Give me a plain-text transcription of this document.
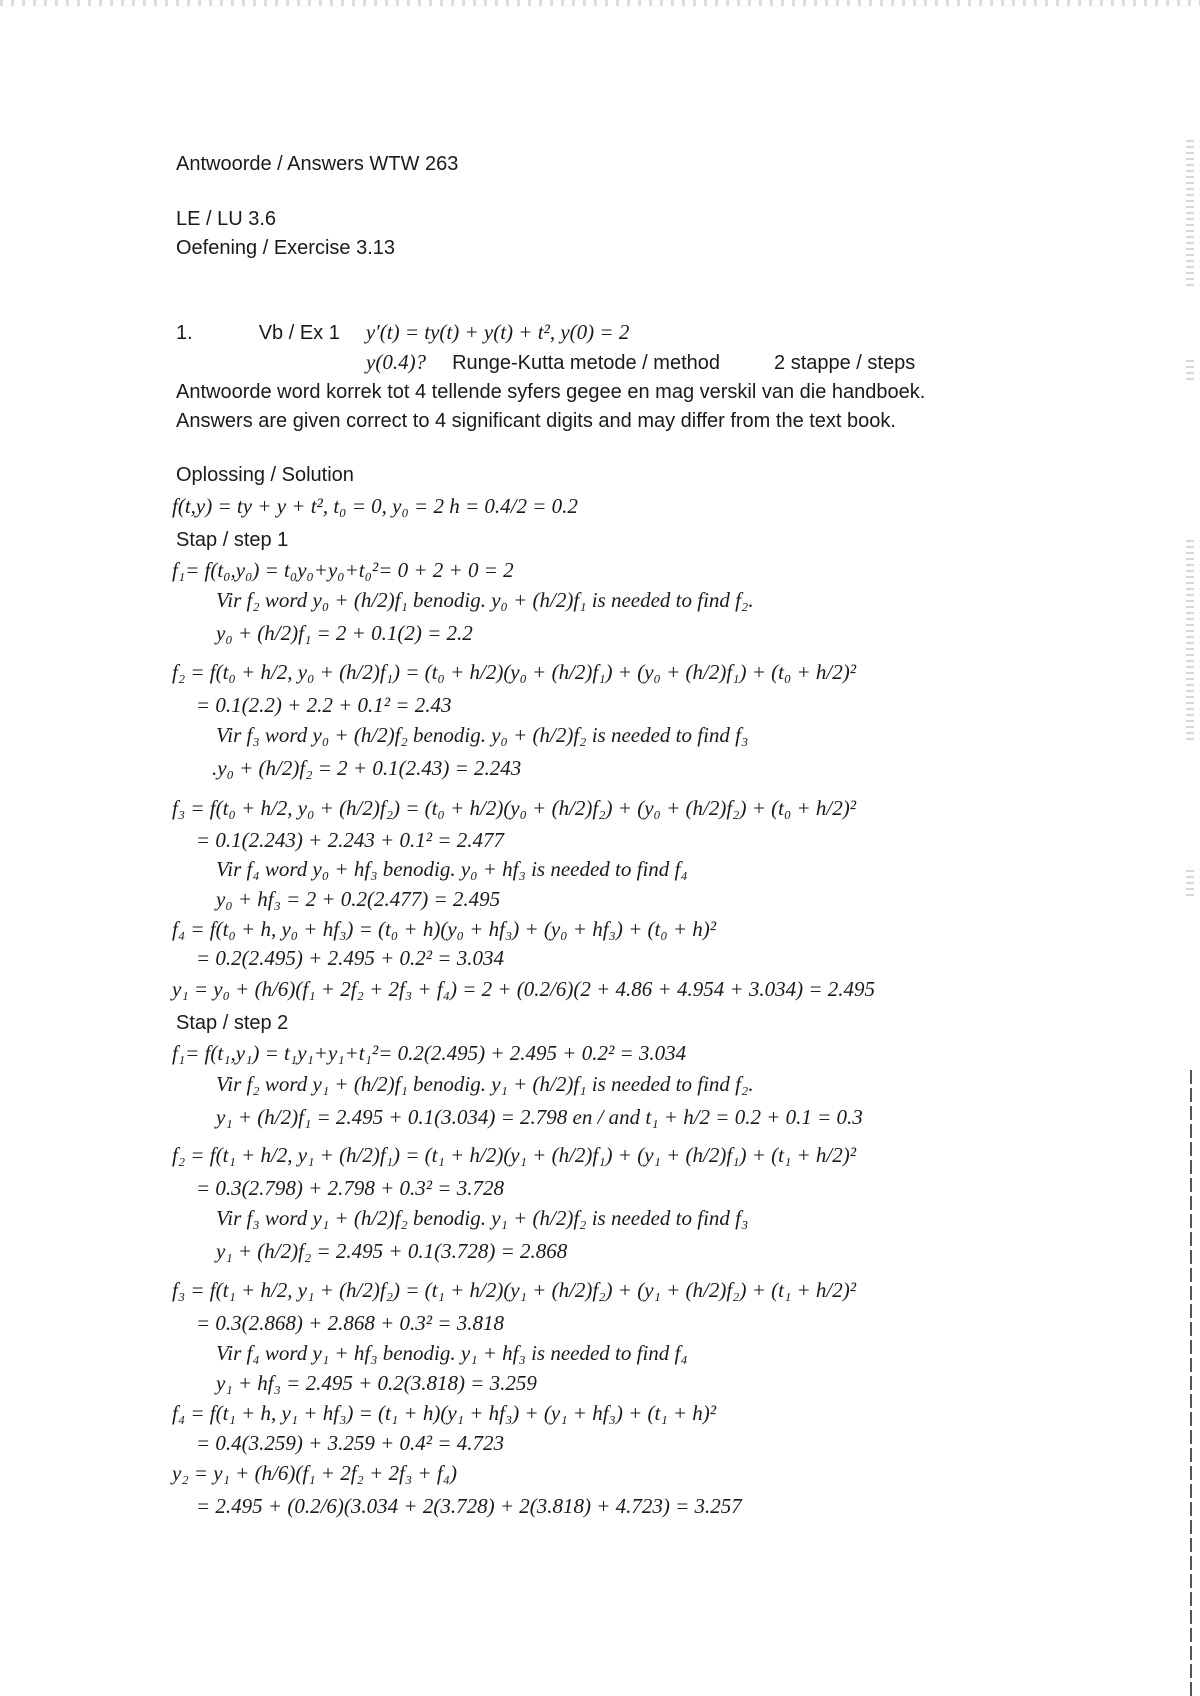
Antwoorde / Answers WTW 263
LE / LU 3.6
Oefening / Exercise 3.13
1.	Vb / Ex 1 y′(t) = ty(t) + y(t) + t², y(0) = 2
y(0.4)? Runge-Kutta metode / method	2 stappe / steps
Antwoorde word korrek tot 4 tellende syfers gegee en mag verskil van die handboek.
Answers are given correct to 4 significant digits and may differ from the text book.
Oplossing / Solution
f(t,y) = ty + y + t², t₀ = 0, y₀ = 2 h = 0.4/2 = 0.2
Stap / step 1
f₁= f(t₀,y₀) = t₀y₀+y₀+t₀²= 0 + 2 + 0 = 2
Vir f₂ word y₀ + (h/2)f₁ benodig. y₀ + (h/2)f₁ is needed to find f₂.
y₀ + (h/2)f₁ = 2 + 0.1(2) = 2.2
f₂ = f(t₀ + h/2, y₀ + (h/2)f₁) = (t₀ + h/2)(y₀ + (h/2)f₁) + (y₀ + (h/2)f₁) + (t₀ + h/2)²
= 0.1(2.2) + 2.2 + 0.1² = 2.43
Vir f₃ word y₀ + (h/2)f₂ benodig. y₀ + (h/2)f₂ is needed to find f₃
.y₀ + (h/2)f₂ = 2 + 0.1(2.43) = 2.243
f₃ = f(t₀ + h/2, y₀ + (h/2)f₂) = (t₀ + h/2)(y₀ + (h/2)f₂) + (y₀ + (h/2)f₂) + (t₀ + h/2)²
= 0.1(2.243) + 2.243 + 0.1² = 2.477
Vir f₄ word y₀ + hf₃ benodig. y₀ + hf₃ is needed to find f₄
y₀ + hf₃ = 2 + 0.2(2.477) = 2.495
f₄ = f(t₀ + h, y₀ + hf₃) = (t₀ + h)(y₀ + hf₃) + (y₀ + hf₃) + (t₀ + h)²
= 0.2(2.495) + 2.495 + 0.2² = 3.034
y₁ = y₀ + (h/6)(f₁ + 2f₂ + 2f₃ + f₄) = 2 + (0.2/6)(2 + 4.86 + 4.954 + 3.034) = 2.495
Stap / step 2
f₁= f(t₁,y₁) = t₁y₁+y₁+t₁²= 0.2(2.495) + 2.495 + 0.2² = 3.034
Vir f₂ word y₁ + (h/2)f₁ benodig. y₁ + (h/2)f₁ is needed to find f₂.
y₁ + (h/2)f₁ = 2.495 + 0.1(3.034) = 2.798 en / and t₁ + h/2 = 0.2 + 0.1 = 0.3
f₂ = f(t₁ + h/2, y₁ + (h/2)f₁) = (t₁ + h/2)(y₁ + (h/2)f₁) + (y₁ + (h/2)f₁) + (t₁ + h/2)²
= 0.3(2.798) + 2.798 + 0.3² = 3.728
Vir f₃ word y₁ + (h/2)f₂ benodig. y₁ + (h/2)f₂ is needed to find f₃
y₁ + (h/2)f₂ = 2.495 + 0.1(3.728) = 2.868
f₃ = f(t₁ + h/2, y₁ + (h/2)f₂) = (t₁ + h/2)(y₁ + (h/2)f₂) + (y₁ + (h/2)f₂) + (t₁ + h/2)²
= 0.3(2.868) + 2.868 + 0.3² = 3.818
Vir f₄ word y₁ + hf₃ benodig. y₁ + hf₃ is needed to find f₄
y₁ + hf₃ = 2.495 + 0.2(3.818) = 3.259
f₄ = f(t₁ + h, y₁ + hf₃) = (t₁ + h)(y₁ + hf₃) + (y₁ + hf₃) + (t₁ + h)²
= 0.4(3.259) + 3.259 + 0.4² = 4.723
y₂ = y₁ + (h/6)(f₁ + 2f₂ + 2f₃ + f₄)
= 2.495 + (0.2/6)(3.034 + 2(3.728) + 2(3.818) + 4.723) = 3.257
